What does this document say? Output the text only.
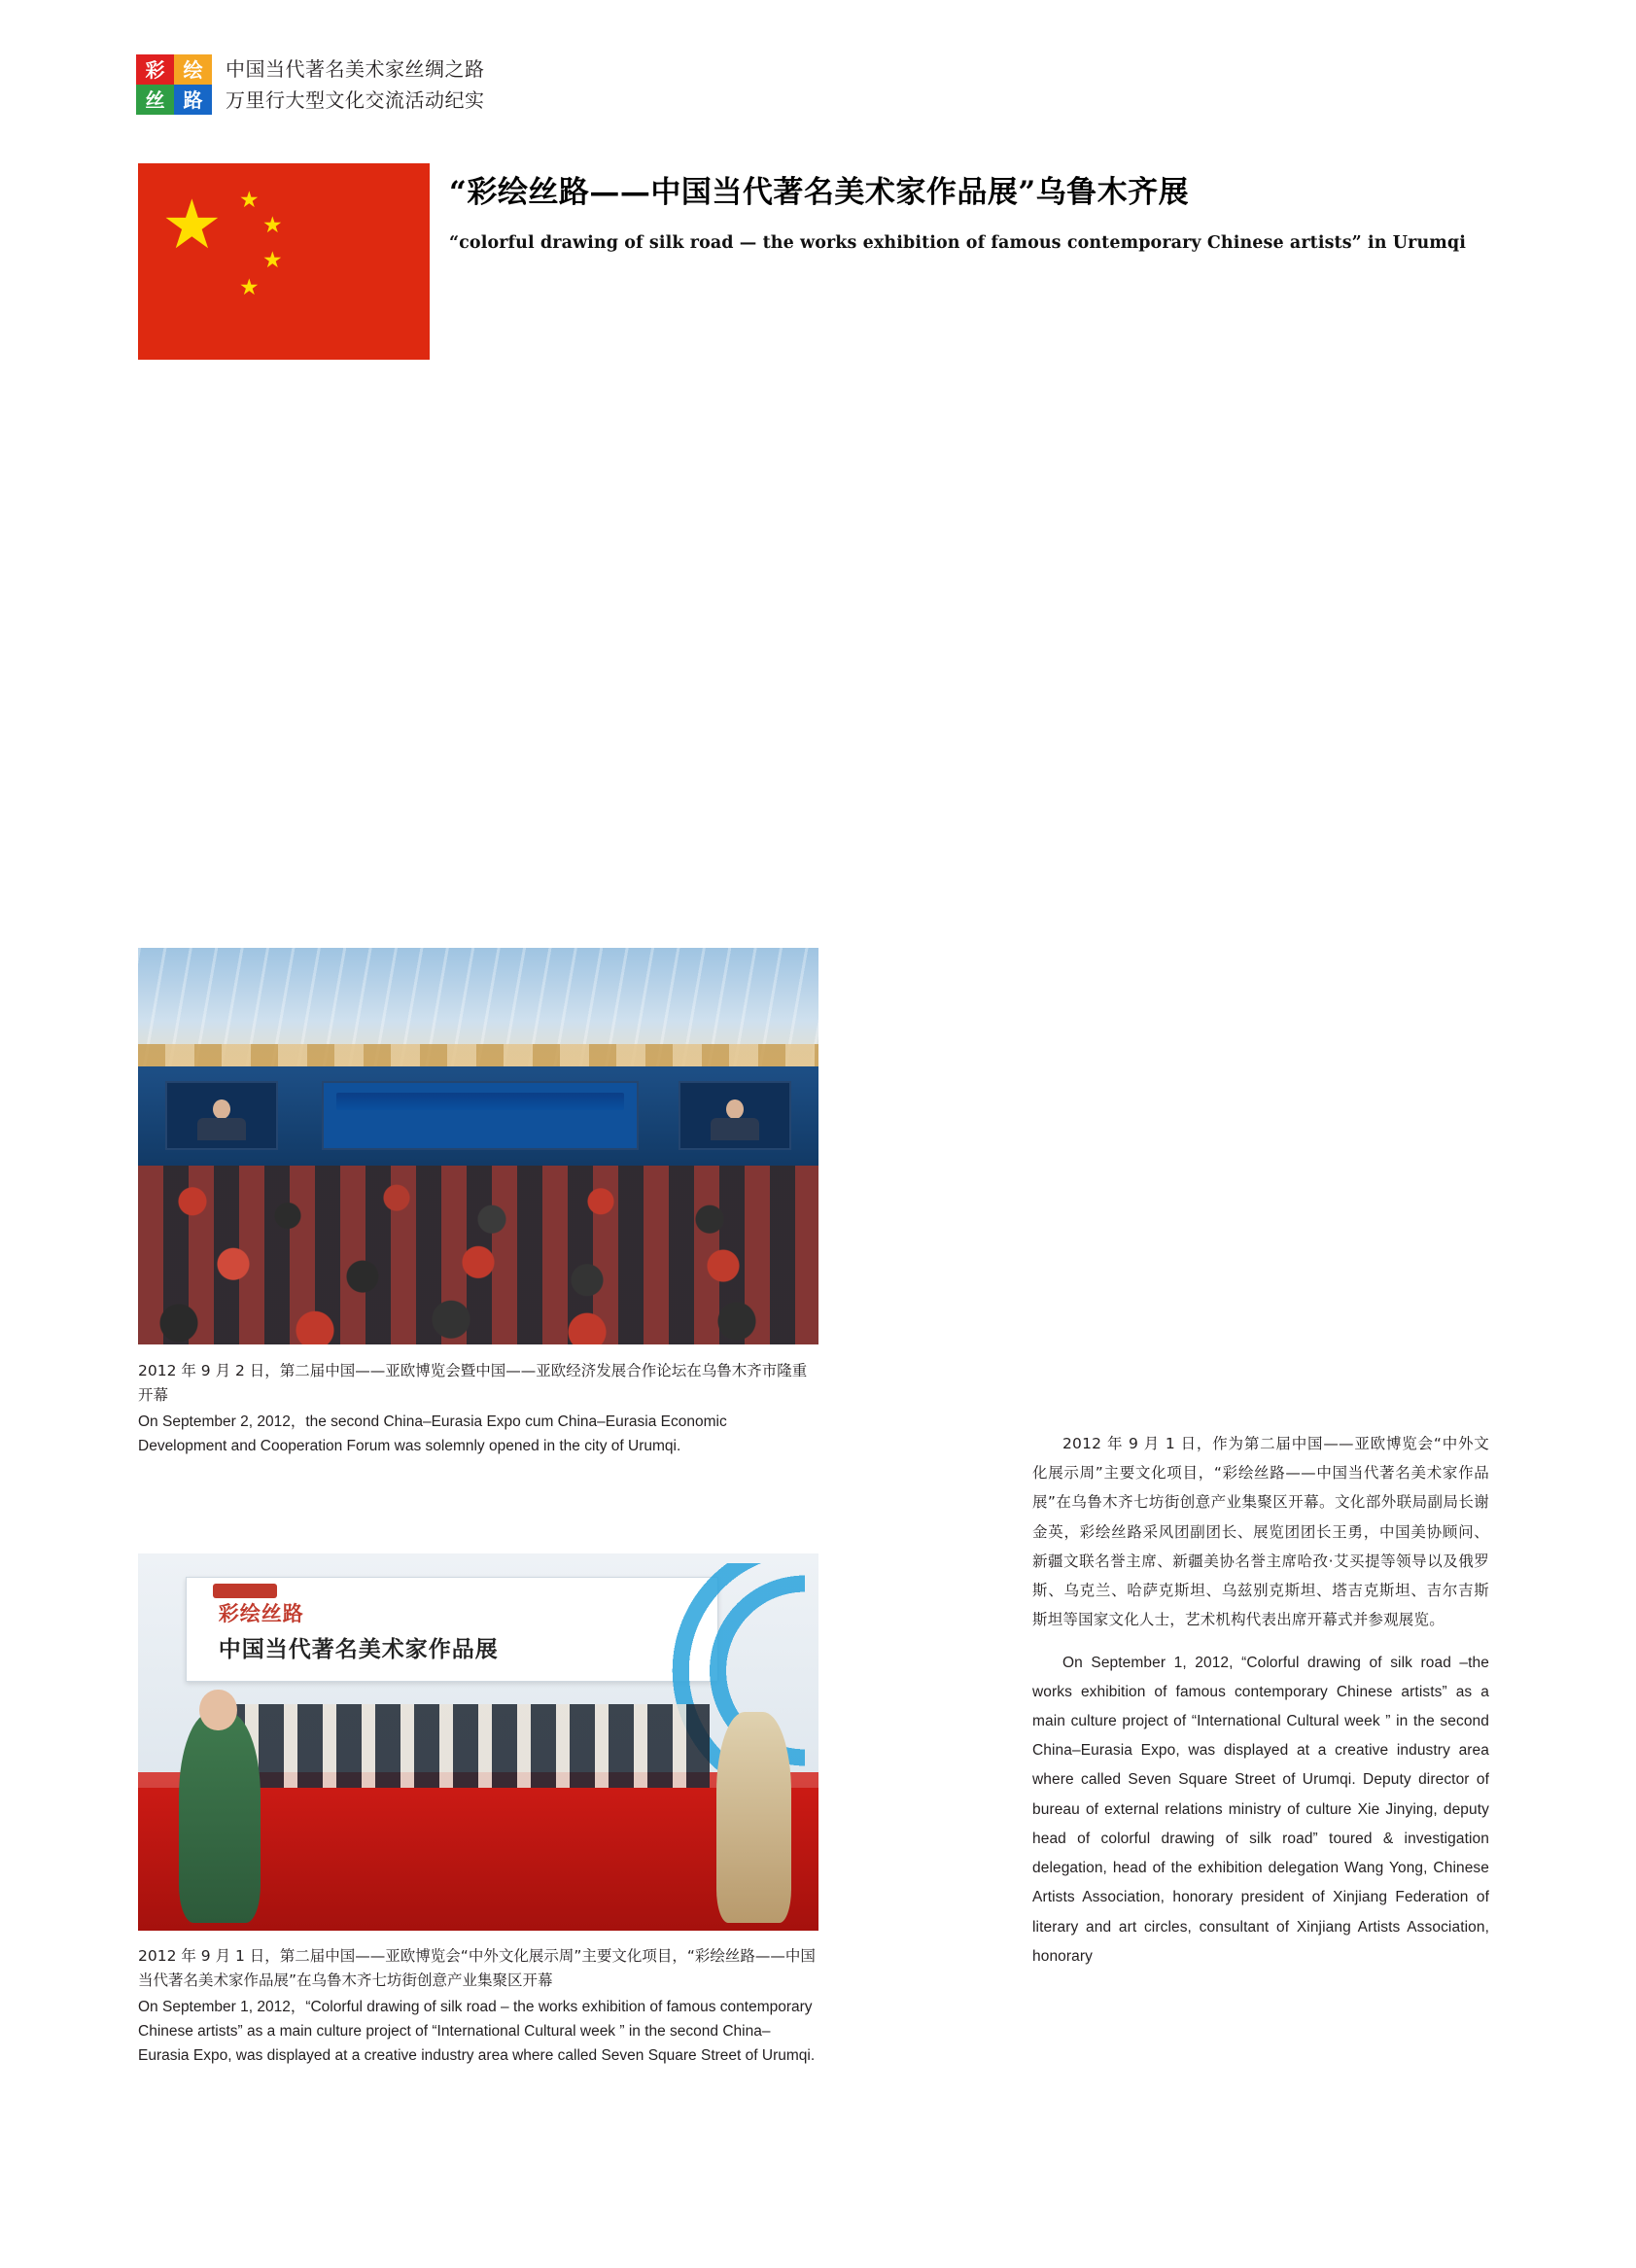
彩 绘
丝 路
中国当代著名美术家丝绸之路
万里行大型文化交流活动纪实
★ ★
★
★
★
“彩绘丝路——中国当代著名美术家作品展”乌鲁木齐展
“colorful drawing of silk road — the works exhibition of famous contemporary Chinese artists” in Urumqi
2012 年 9 月 2 日，第二届中国——亚欧博览会暨中国——亚欧经济发展合作论坛在乌鲁木齐市隆重开幕
On September 2, 2012，the second China–Eurasia Expo cum China–Eurasia Economic Development and Cooperation Forum was solemnly opened in the city of Urumqi.
彩绘丝路
中国当代著名美术家作品展
2012 年 9 月 1 日，第二届中国——亚欧博览会“中外文化展示周”主要文化项目，“彩绘丝路——中国当代著名美术家作品展”在乌鲁木齐七坊街创意产业集聚区开幕
On September 1, 2012，“Colorful drawing of silk road – the works exhibition of famous contemporary Chinese artists” as a main culture project of “International Cultural week ” in the second China–Eurasia Expo, was displayed at a creative industry area where called Seven Square Street of Urumqi.

2012 年 9 月 1 日，作为第二届中国——亚欧博览会“中外文化展示周”主要文化项目，“彩绘丝路——中国当代著名美术家作品展”在乌鲁木齐七坊街创意产业集聚区开幕。文化部外联局副局长谢金英，彩绘丝路采风团副团长、展览团团长王勇，中国美协顾问、新疆文联名誉主席、新疆美协名誉主席哈孜·艾买提等领导以及俄罗斯、乌克兰、哈萨克斯坦、乌兹别克斯坦、塔吉克斯坦、吉尔吉斯斯坦等国家文化人士，艺术机构代表出席开幕式并参观展览。

On September 1, 2012, “Colorful drawing of silk road –the works exhibition of famous contemporary Chinese artists” as a main culture project of “International Cultural week ” in the second China–Eurasia Expo, was displayed at a creative industry area where called Seven Square Street of Urumqi. Deputy director of bureau of external relations ministry of culture Xie Jinying, deputy head of colorful drawing of silk road” toured & investigation delegation, head of the exhibition delegation Wang Yong, Chinese Artists Association, honorary president of Xinjiang Federation of literary and art circles, consultant of Xinjiang Artists Association, honorary
